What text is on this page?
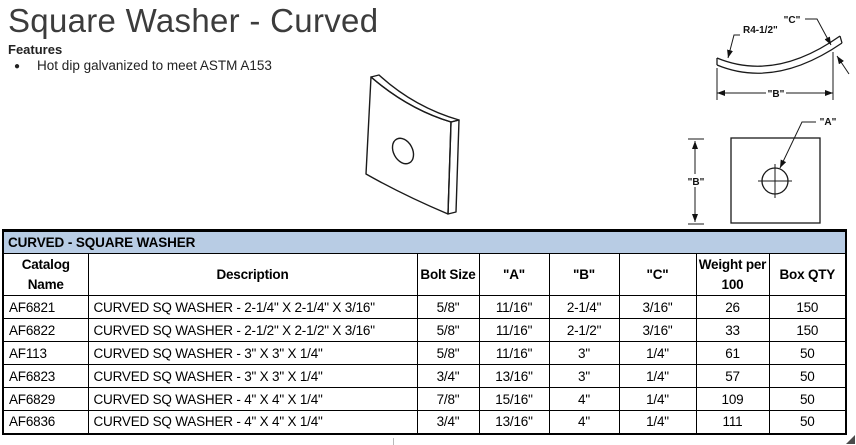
Square Washer - Curved
Features
● Hot dip galvanized to meet ASTM A153
"B"
R4-1/2"
"C"
"B"
"A"
CURVED - SQUARE WASHER							
Catalog Name	Description	Bolt Size	"A"	"B"	"C"	Weight per 100	Box QTY
AF6821	CURVED SQ WASHER - 2-1/4" X 2-1/4" X 3/16"	5/8"	11/16"	2-1/4"	3/16"	26	150
AF6822	CURVED SQ WASHER - 2-1/2" X 2-1/2" X 3/16"	5/8"	11/16"	2-1/2"	3/16"	33	150
AF113	CURVED SQ WASHER - 3" X 3" X 1/4"	5/8"	11/16"	3"	1/4"	61	50
AF6823	CURVED SQ WASHER - 3" X 3" X 1/4"	3/4"	13/16"	3"	1/4"	57	50
AF6829	CURVED SQ WASHER - 4" X 4" X 1/4"	7/8"	15/16"	4"	1/4"	109	50
AF6836	CURVED SQ WASHER - 4" X 4" X 1/4"	3/4"	13/16"	4"	1/4"	111	50
